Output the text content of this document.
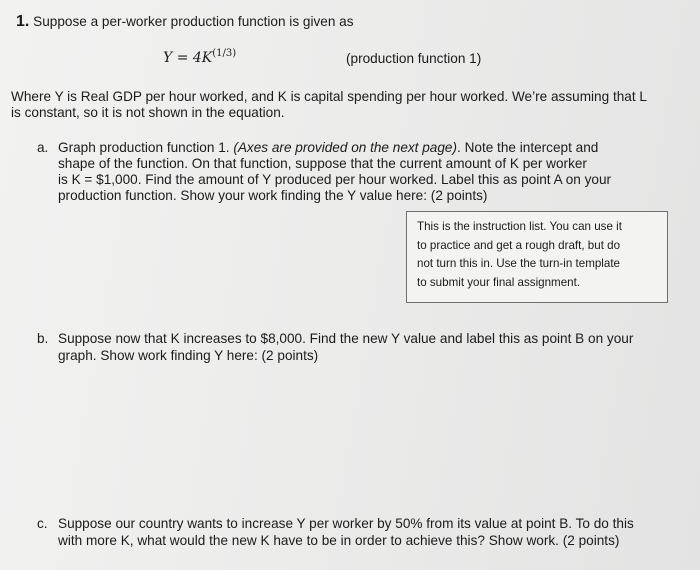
1. Suppose a per-worker production function is given as
$Y = 4K^{(1/3)}$	(production function 1)
Where Y is Real GDP per hour worked, and K is capital spending per hour worked. We’re assuming that L
is constant, so it is not shown in the equation.
a. Graph production function 1. (Axes are provided on the next page). Note the intercept and
shape of the function. On that function, suppose that the current amount of K per worker
is K = $1,000. Find the amount of Y produced per hour worked. Label this as point A on your
production function. Show your work finding the Y value here: (2 points)
This is the instruction list. You can use it
to practice and get a rough draft, but do
not turn this in. Use the turn-in template
to submit your final assignment.
b. Suppose now that K increases to $8,000. Find the new Y value and label this as point B on your
graph. Show work finding Y here: (2 points)
c. Suppose our country wants to increase Y per worker by 50% from its value at point B. To do this
with more K, what would the new K have to be in order to achieve this? Show work. (2 points)
